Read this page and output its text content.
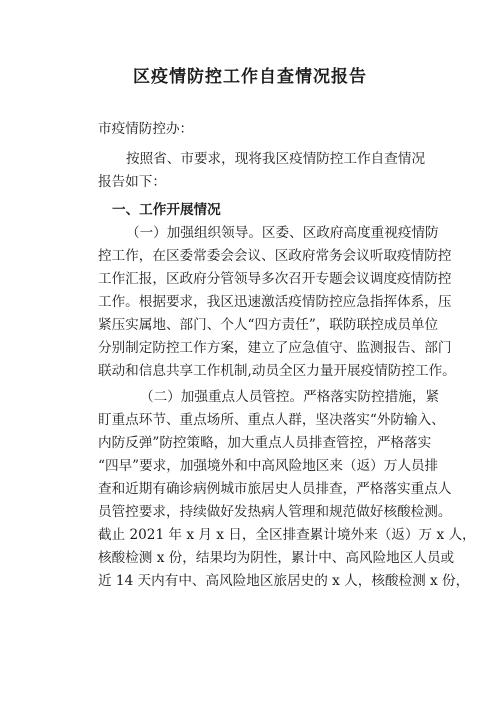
区疫情防控工作自查情况报告
市疫情防控办：
按照省、市要求，现将我区疫情防控工作自查情况
报告如下：
一、工作开展情况
（一）加强组织领导。区委、区政府高度重视疫情防
控工作，在区委常委会会议、区政府常务会议听取疫情防控
工作汇报，区政府分管领导多次召开专题会议调度疫情防控
工作。根据要求，我区迅速激活疫情防控应急指挥体系，压
紧压实属地、部门、个人“四方责任”，联防联控成员单位
分别制定防控工作方案，建立了应急值守、监测报告、部门
联动和信息共享工作机制,动员全区力量开展疫情防控工作。
（二）加强重点人员管控。严格落实防控措施，紧
盯重点环节、重点场所、重点人群，坚决落实“外防输入、
内防反弹”防控策略，加大重点人员排查管控，严格落实
“四早”要求，加强境外和中高风险地区来（返）万人员排
查和近期有确诊病例城市旅居史人员排查，严格落实重点人
员管控要求，持续做好发热病人管理和规范做好核酸检测。
截止 2021 年 x 月 x 日，全区排查累计境外来（返）万 x 人，
核酸检测 x 份，结果均为阴性，累计中、高风险地区人员或
近 14 天内有中、高风险地区旅居史的 x 人，核酸检测 x 份，
